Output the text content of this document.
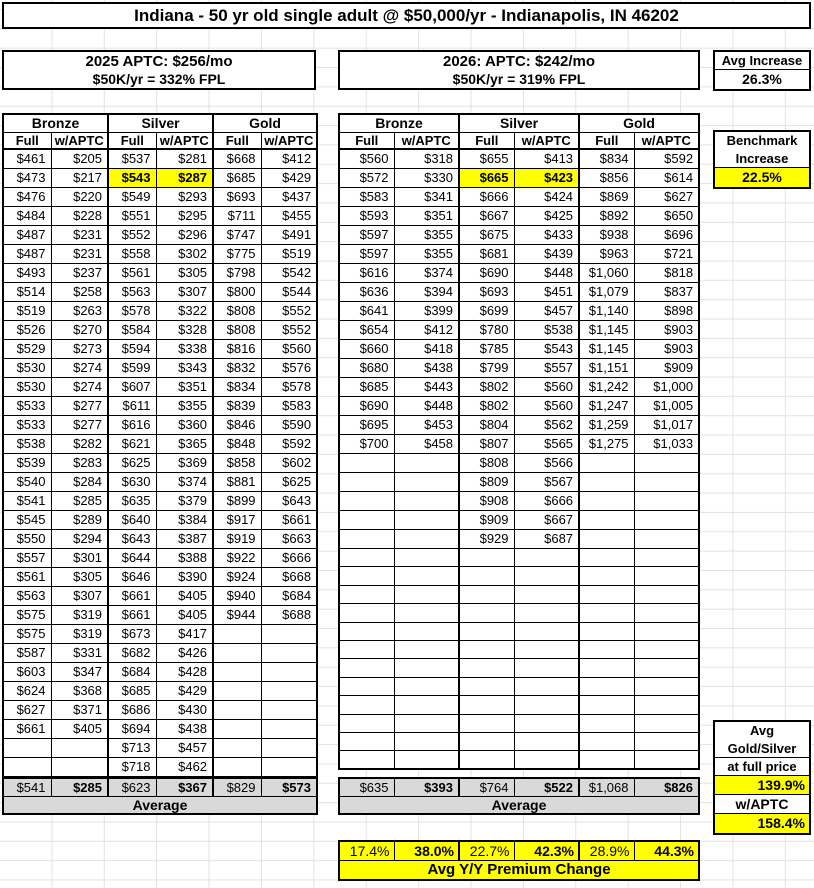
Indiana - 50 yr old single adult @ $50,000/yr - Indianapolis, IN 46202
2025 APTC: $256/mo
$50K/yr = 332% FPL
2026: APTC: $242/mo
$50K/yr = 319% FPL
Avg Increase
26.3%
Benchmark
Increase
22.5%
Bronze		Silver		Gold	
Full	w/APTC	Full	w/APTC	Full	w/APTC
$461	$205	$537	$281	$668	$412
$473	$217	$543	$287	$685	$429
$476	$220	$549	$293	$693	$437
$484	$228	$551	$295	$711	$455
$487	$231	$552	$296	$747	$491
$487	$231	$558	$302	$775	$519
$493	$237	$561	$305	$798	$542
$514	$258	$563	$307	$800	$544
$519	$263	$578	$322	$808	$552
$526	$270	$584	$328	$808	$552
$529	$273	$594	$338	$816	$560
$530	$274	$599	$343	$832	$576
$530	$274	$607	$351	$834	$578
$533	$277	$611	$355	$839	$583
$533	$277	$616	$360	$846	$590
$538	$282	$621	$365	$848	$592
$539	$283	$625	$369	$858	$602
$540	$284	$630	$374	$881	$625
$541	$285	$635	$379	$899	$643
$545	$289	$640	$384	$917	$661
$550	$294	$643	$387	$919	$663
$557	$301	$644	$388	$922	$666
$561	$305	$646	$390	$924	$668
$563	$307	$661	$405	$940	$684
$575	$319	$661	$405	$944	$688
$575	$319	$673	$417		
$587	$331	$682	$426		
$603	$347	$684	$428		
$624	$368	$685	$429		
$627	$371	$686	$430		
$661	$405	$694	$438		
		$713	$457		
		$718	$462		
Bronze		Silver		Gold	
Full	w/APTC	Full	w/APTC	Full	w/APTC
$560	$318	$655	$413	$834	$592
$572	$330	$665	$423	$856	$614
$583	$341	$666	$424	$869	$627
$593	$351	$667	$425	$892	$650
$597	$355	$675	$433	$938	$696
$597	$355	$681	$439	$963	$721
$616	$374	$690	$448	$1,060	$818
$636	$394	$693	$451	$1,079	$837
$641	$399	$699	$457	$1,140	$898
$654	$412	$780	$538	$1,145	$903
$660	$418	$785	$543	$1,145	$903
$680	$438	$799	$557	$1,151	$909
$685	$443	$802	$560	$1,242	$1,000
$690	$448	$802	$560	$1,247	$1,005
$695	$453	$804	$562	$1,259	$1,017
$700	$458	$807	$565	$1,275	$1,033
		$808	$566		
		$809	$567		
		$908	$666		
		$909	$667		
		$929	$687		

$541	$285	$623	$367	$829	$573
Average
$635	$393	$764	$522	$1,068	$826
Average
17.4%	38.0%	22.7%	42.3%	28.9%	44.3%
Avg Y/Y Premium Change
Avg
Gold/Silver
at full price
139.9%
w/APTC
158.4%
